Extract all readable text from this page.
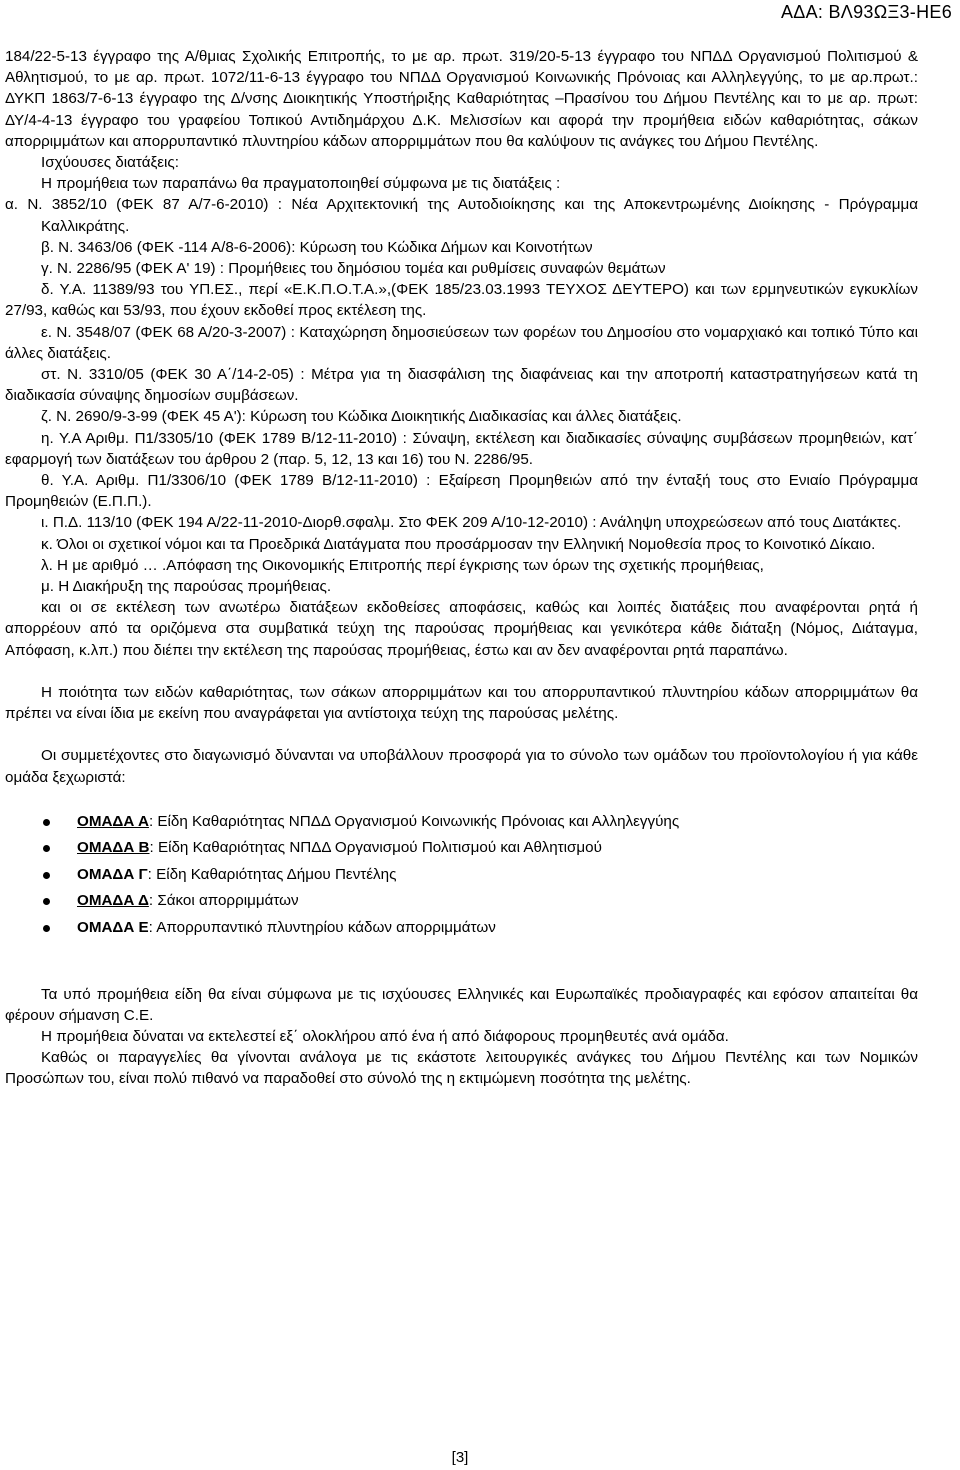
ΑΔΑ: ΒΛ93ΩΞ3-ΗΕ6

184/22-5-13 έγγραφο της Α/θμιας Σχολικής Επιτροπής, το με αρ. πρωτ. 319/20-5-13 έγγραφο του ΝΠΔΔ Οργανισμού Πολιτισμού & Αθλητισμού, το με αρ. πρωτ. 1072/11-6-13 έγγραφο του ΝΠΔΔ Οργανισμού Κοινωνικής Πρόνοιας και Αλληλεγγύης, το με αρ.πρωτ.: ΔΥΚΠ 1863/7-6-13 έγγραφο της Δ/νσης Διοικητικής Υποστήριξης Καθαριότητας –Πρασίνου του Δήμου Πεντέλης και το με αρ. πρωτ: ΔΥ/4-4-13 έγγραφο του γραφείου Τοπικού Αντιδημάρχου Δ.Κ. Μελισσίων και αφορά την προμήθεια ειδών καθαριότητας, σάκων απορριμμάτων και απορρυπαντικό πλυντηρίου κάδων απορριμμάτων που θα καλύψουν τις ανάγκες του Δήμου Πεντέλης.

Ισχύουσες διατάξεις:

Η προμήθεια των παραπάνω θα πραγματοποιηθεί σύμφωνα με τις διατάξεις :

α. Ν. 3852/10 (ΦΕΚ 87 Α/7-6-2010) : Νέα Αρχιτεκτονική της Αυτοδιοίκησης και της Αποκεντρωμένης Διοίκησης - Πρόγραμμα Καλλικράτης.

β. Ν. 3463/06 (ΦΕΚ -114 Α/8-6-2006): Κύρωση του Κώδικα Δήμων και Κοινοτήτων

γ. Ν. 2286/95 (ΦΕΚ Α' 19) : Προμήθειες του δημόσιου τομέα και ρυθμίσεις συναφών θεμάτων

δ. Υ.Α. 11389/93 του ΥΠ.ΕΣ., περί «Ε.Κ.Π.Ο.Τ.Α.»,(ΦΕΚ 185/23.03.1993 ΤΕΥΧΟΣ ΔΕΥΤΕΡΟ) και των ερμηνευτικών εγκυκλίων 27/93, καθώς και 53/93, που έχουν εκδοθεί προς εκτέλεση της.

ε. Ν. 3548/07 (ΦΕΚ 68 Α/20-3-2007) : Καταχώρηση δημοσιεύσεων των φορέων του Δημοσίου στο νομαρχιακό και τοπικό Τύπο και άλλες διατάξεις.

στ. Ν. 3310/05 (ΦΕΚ 30 Α΄/14-2-05) : Μέτρα για τη διασφάλιση της διαφάνειας και την αποτροπή καταστρατηγήσεων κατά τη διαδικασία σύναψης δημοσίων συμβάσεων.

ζ. Ν. 2690/9-3-99 (ΦΕΚ 45 Α'): Κύρωση του Κώδικα Διοικητικής Διαδικασίας και άλλες διατάξεις.

η. Υ.Α Αριθμ. Π1/3305/10 (ΦΕΚ 1789 Β/12-11-2010) : Σύναψη, εκτέλεση και διαδικασίες σύναψης συμβάσεων προμηθειών, κατ΄ εφαρμογή των διατάξεων του άρθρου 2 (παρ. 5, 12, 13 και 16) του Ν. 2286/95.

θ. Υ.Α. Αριθμ. Π1/3306/10 (ΦΕΚ 1789 Β/12-11-2010) : Εξαίρεση Προμηθειών από την ένταξή τους στο Ενιαίο Πρόγραμμα Προμηθειών (Ε.Π.Π.).

ι. Π.Δ. 113/10 (ΦΕΚ 194 Α/22-11-2010-Διορθ.σφαλμ. Στο ΦΕΚ 209 Α/10-12-2010) : Ανάληψη υποχρεώσεων από τους Διατάκτες.

κ. Όλοι οι σχετικοί νόμοι και τα Προεδρικά Διατάγματα που προσάρμοσαν την Ελληνική Νομοθεσία προς το Κοινοτικό Δίκαιο.

λ. Η με αριθμό … .Απόφαση της Οικονομικής Επιτροπής περί έγκρισης των όρων της σχετικής προμήθειας,

μ. Η Διακήρυξη της παρούσας προμήθειας.

και οι σε εκτέλεση των ανωτέρω διατάξεων εκδοθείσες αποφάσεις, καθώς και λοιπές διατάξεις που αναφέρονται ρητά ή απορρέουν από τα οριζόμενα στα συμβατικά τεύχη της παρούσας προμήθειας και γενικότερα κάθε διάταξη (Νόμος, Διάταγμα, Απόφαση, κ.λπ.) που διέπει την εκτέλεση της παρούσας προμήθειας, έστω και αν δεν αναφέρονται ρητά παραπάνω.

Η ποιότητα των ειδών καθαριότητας, των σάκων απορριμμάτων και του απορρυπαντικού πλυντηρίου κάδων απορριμμάτων θα πρέπει να είναι ίδια με εκείνη που αναγράφεται για αντίστοιχα τεύχη της παρούσας μελέτης.

Οι συμμετέχοντες στο διαγωνισμό δύνανται να υποβάλλουν προσφορά για το σύνολο των ομάδων του προϊοντολογίου ή για κάθε ομάδα ξεχωριστά:

ΟΜΑΔΑ Α: Είδη Καθαριότητας ΝΠΔΔ Οργανισμού Κοινωνικής Πρόνοιας και Αλληλεγγύης
ΟΜΑΔΑ Β: Είδη Καθαριότητας ΝΠΔΔ Οργανισμού Πολιτισμού και Αθλητισμού
ΟΜΑΔΑ Γ: Είδη Καθαριότητας Δήμου Πεντέλης
ΟΜΑΔΑ Δ: Σάκοι απορριμμάτων
ΟΜΑΔΑ Ε: Απορρυπαντικό πλυντηρίου κάδων απορριμμάτων

Τα υπό προμήθεια είδη θα είναι σύμφωνα με τις ισχύουσες Ελληνικές και Ευρωπαϊκές προδιαγραφές και εφόσον απαιτείται θα φέρουν σήμανση C.E.

Η προμήθεια δύναται να εκτελεστεί εξ΄ ολοκλήρου από ένα ή από διάφορους προμηθευτές ανά ομάδα.

Καθώς οι παραγγελίες θα γίνονται ανάλογα με τις εκάστοτε λειτουργικές ανάγκες του Δήμου Πεντέλης και των Νομικών Προσώπων του, είναι πολύ πιθανό να παραδοθεί στο σύνολό της η εκτιμώμενη ποσότητα της μελέτης.

[3]
